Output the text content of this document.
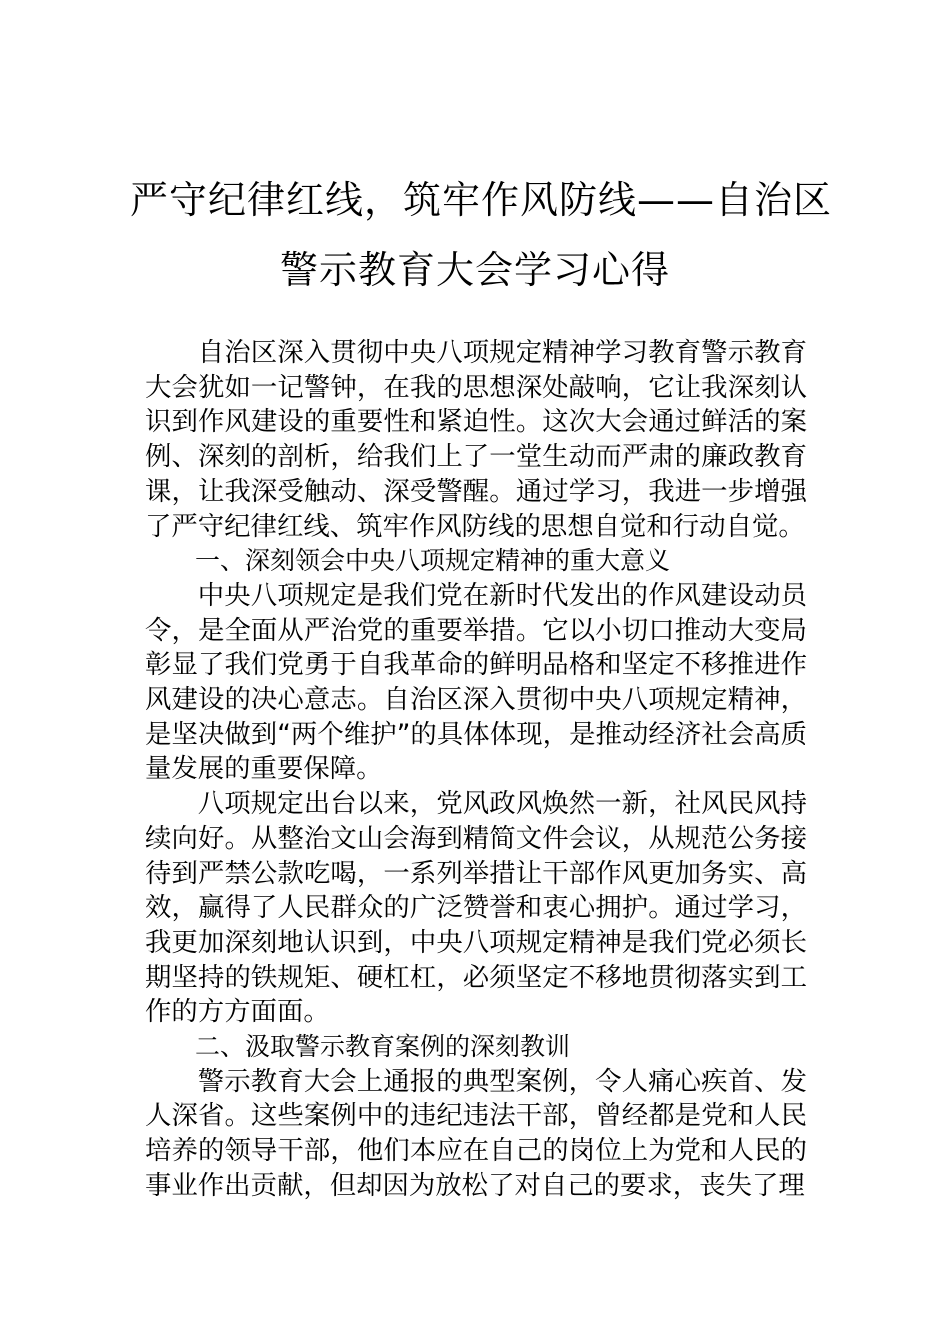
严守纪律红线，筑牢作风防线——自治区
警示教育大会学习心得

自治区深入贯彻中央八项规定精神学习教育警示教育大会犹如一记警钟，在我的思想深处敲响，它让我深刻认识到作风建设的重要性和紧迫性。这次大会通过鲜活的案例、深刻的剖析，给我们上了一堂生动而严肃的廉政教育课，让我深受触动、深受警醒。通过学习，我进一步增强了严守纪律红线、筑牢作风防线的思想自觉和行动自觉。

一、深刻领会中央八项规定精神的重大意义

中央八项规定是我们党在新时代发出的作风建设动员令，是全面从严治党的重要举措。它以小切口推动大变局彰显了我们党勇于自我革命的鲜明品格和坚定不移推进作风建设的决心意志。自治区深入贯彻中央八项规定精神，是坚决做到“两个维护”的具体体现，是推动经济社会高质量发展的重要保障。

八项规定出台以来，党风政风焕然一新，社风民风持续向好。从整治文山会海到精简文件会议，从规范公务接待到严禁公款吃喝，一系列举措让干部作风更加务实、高效，赢得了人民群众的广泛赞誉和衷心拥护。通过学习，我更加深刻地认识到，中央八项规定精神是我们党必须长期坚持的铁规矩、硬杠杠，必须坚定不移地贯彻落实到工作的方方面面。

二、汲取警示教育案例的深刻教训

警示教育大会上通报的典型案例，令人痛心疾首、发人深省。这些案例中的违纪违法干部，曾经都是党和人民培养的领导干部，他们本应在自己的岗位上为党和人民的事业作出贡献，但却因为放松了对自己的要求，丧失了理
